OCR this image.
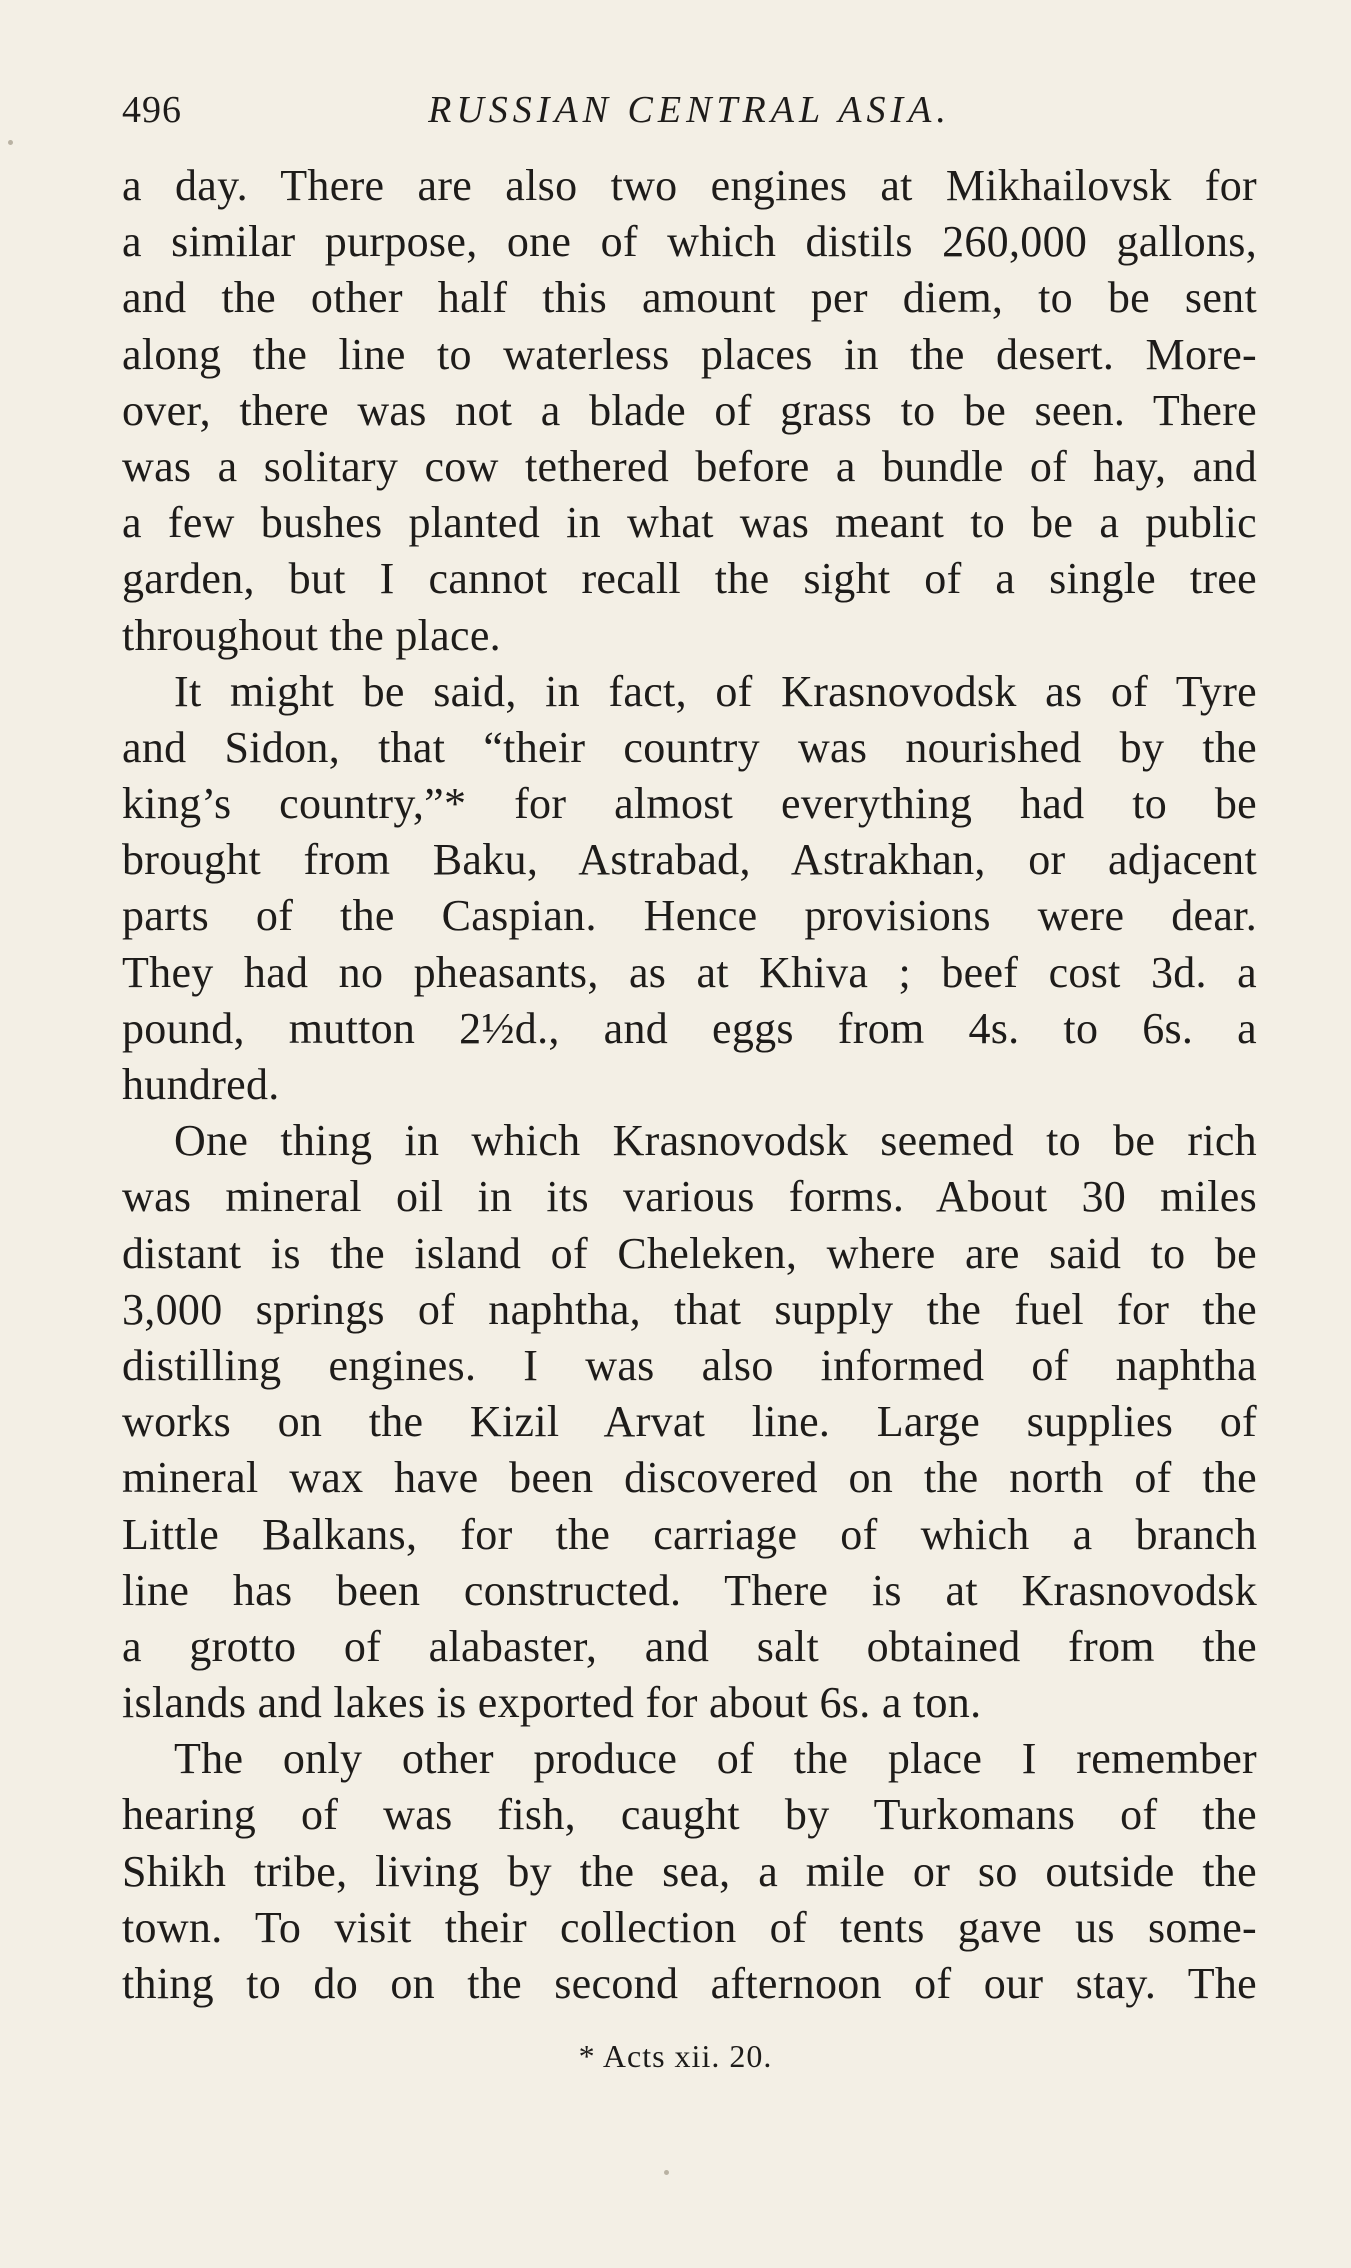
496	RUSSIAN CENTRAL ASIA.
a day. There are also two engines at Mikhailovsk for
a similar purpose, one of which distils 260,000 gallons,
and the other half this amount per diem, to be sent
along the line to waterless places in the desert. More-
over, there was not a blade of grass to be seen. There
was a solitary cow tethered before a bundle of hay, and
a few bushes planted in what was meant to be a public
garden, but I cannot recall the sight of a single tree
throughout the place.
It might be said, in fact, of Krasnovodsk as of Tyre
and Sidon, that “their country was nourished by the
king’s country,”* for almost everything had to be
brought from Baku, Astrabad, Astrakhan, or adjacent
parts of the Caspian. Hence provisions were dear.
They had no pheasants, as at Khiva ; beef cost 3d. a
pound, mutton 2½d., and eggs from 4s. to 6s. a
hundred.
One thing in which Krasnovodsk seemed to be rich
was mineral oil in its various forms. About 30 miles
distant is the island of Cheleken, where are said to be
3,000 springs of naphtha, that supply the fuel for the
distilling engines. I was also informed of naphtha
works on the Kizil Arvat line. Large supplies of
mineral wax have been discovered on the north of the
Little Balkans, for the carriage of which a branch
line has been constructed. There is at Krasnovodsk
a grotto of alabaster, and salt obtained from the
islands and lakes is exported for about 6s. a ton.
The only other produce of the place I remember
hearing of was fish, caught by Turkomans of the
Shikh tribe, living by the sea, a mile or so outside the
town. To visit their collection of tents gave us some-
thing to do on the second afternoon of our stay. The
* Acts xii. 20.
